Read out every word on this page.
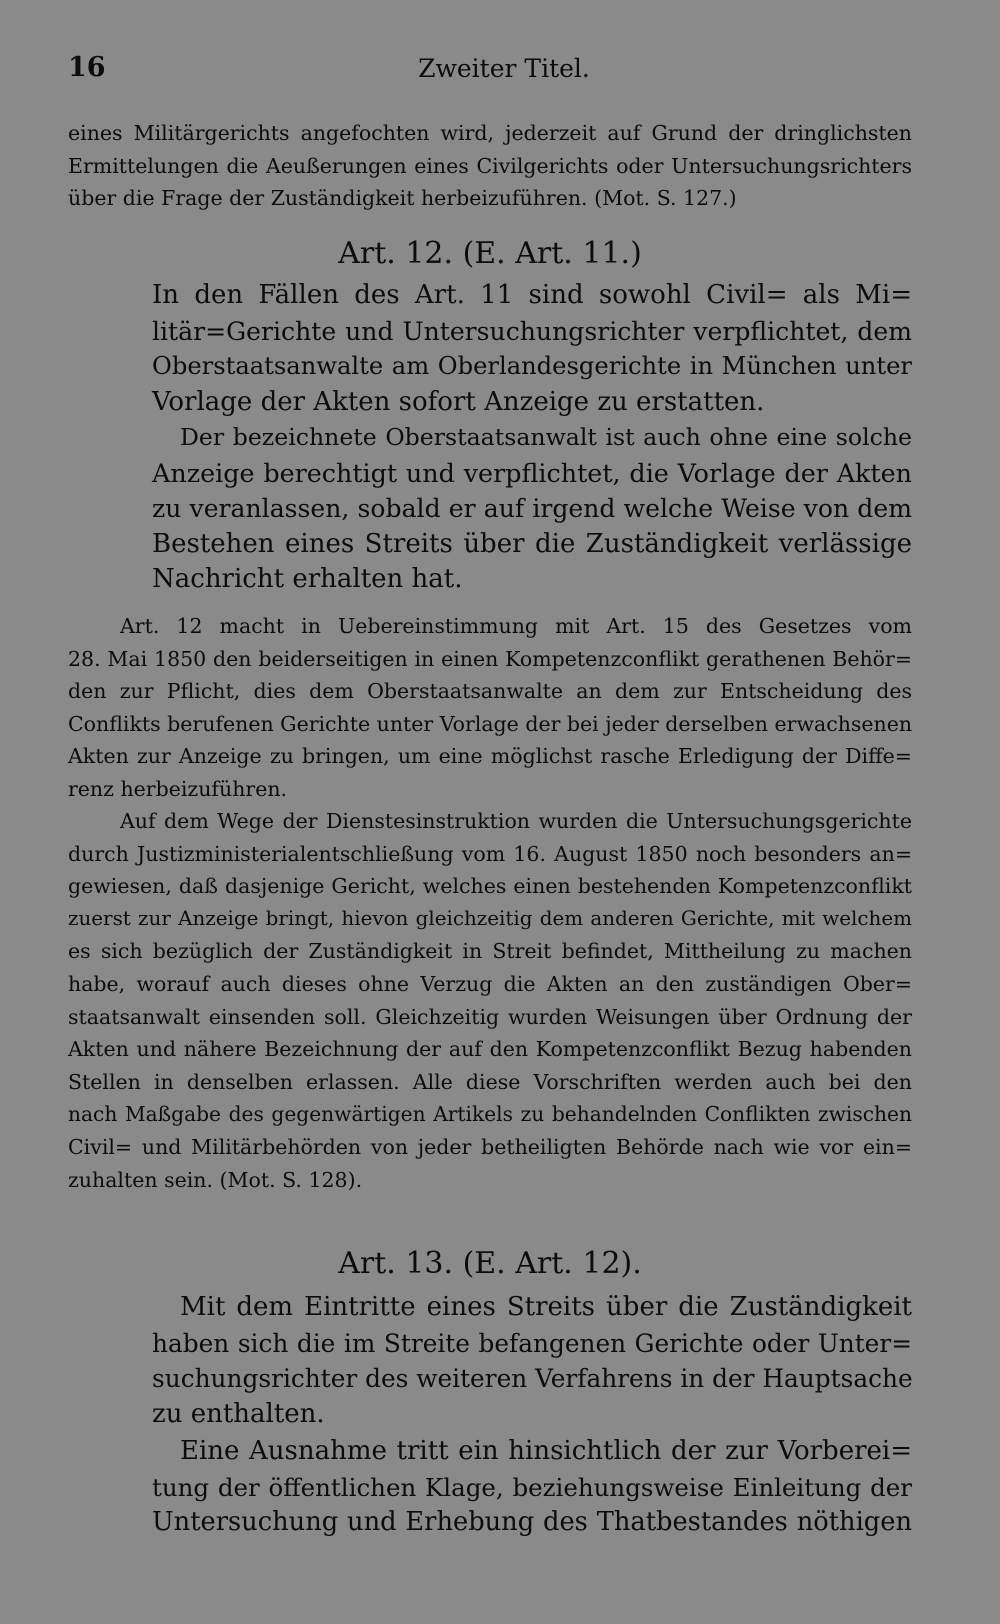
16	Zweiter Titel.
eines Militärgerichts angefochten wird, jederzeit auf Grund der dringlichsten
Ermittelungen die Aeußerungen eines Civilgerichts oder Untersuchungsrichters
über die Frage der Zuständigkeit herbeizuführen. (Mot. S. 127.)
Art. 12. (E. Art. 11.)
In den Fällen des Art. 11 sind sowohl Civil= als Mi=
litär=Gerichte und Untersuchungsrichter verpflichtet, dem
Oberstaatsanwalte am Oberlandesgerichte in München unter
Vorlage der Akten sofort Anzeige zu erstatten.
Der bezeichnete Oberstaatsanwalt ist auch ohne eine solche
Anzeige berechtigt und verpflichtet, die Vorlage der Akten
zu veranlassen, sobald er auf irgend welche Weise von dem
Bestehen eines Streits über die Zuständigkeit verlässige
Nachricht erhalten hat.
Art. 12 macht in Uebereinstimmung mit Art. 15 des Gesetzes vom
28. Mai 1850 den beiderseitigen in einen Kompetenzconflikt gerathenen Behör=
den zur Pflicht, dies dem Oberstaatsanwalte an dem zur Entscheidung des
Conflikts berufenen Gerichte unter Vorlage der bei jeder derselben erwachsenen
Akten zur Anzeige zu bringen, um eine möglichst rasche Erledigung der Diffe=
renz herbeizuführen.
Auf dem Wege der Dienstesinstruktion wurden die Untersuchungsgerichte
durch Justizministerialentschließung vom 16. August 1850 noch besonders an=
gewiesen, daß dasjenige Gericht, welches einen bestehenden Kompetenzconflikt
zuerst zur Anzeige bringt, hievon gleichzeitig dem anderen Gerichte, mit welchem
es sich bezüglich der Zuständigkeit in Streit befindet, Mittheilung zu machen
habe, worauf auch dieses ohne Verzug die Akten an den zuständigen Ober=
staatsanwalt einsenden soll. Gleichzeitig wurden Weisungen über Ordnung der
Akten und nähere Bezeichnung der auf den Kompetenzconflikt Bezug habenden
Stellen in denselben erlassen. Alle diese Vorschriften werden auch bei den
nach Maßgabe des gegenwärtigen Artikels zu behandelnden Conflikten zwischen
Civil= und Militärbehörden von jeder betheiligten Behörde nach wie vor ein=
zuhalten sein. (Mot. S. 128).
Art. 13. (E. Art. 12).
Mit dem Eintritte eines Streits über die Zuständigkeit
haben sich die im Streite befangenen Gerichte oder Unter=
suchungsrichter des weiteren Verfahrens in der Hauptsache
zu enthalten.
Eine Ausnahme tritt ein hinsichtlich der zur Vorberei=
tung der öffentlichen Klage, beziehungsweise Einleitung der
Untersuchung und Erhebung des Thatbestandes nöthigen
